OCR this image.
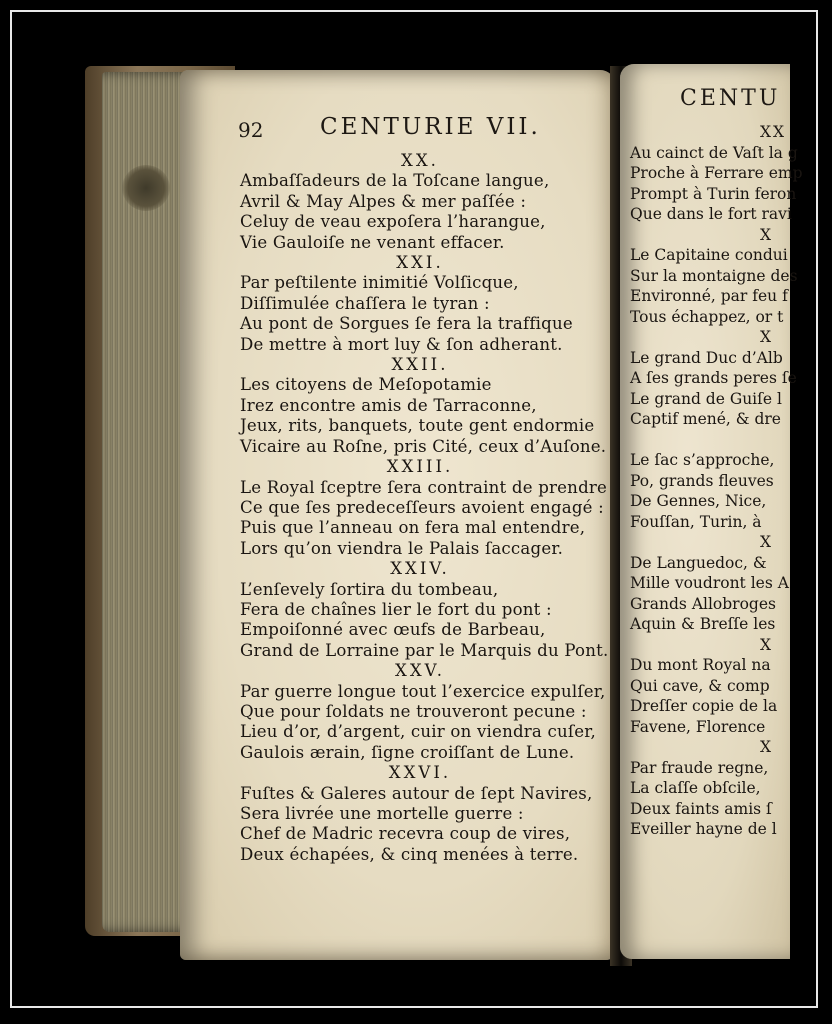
92 CENTURIE VII.
XX.
Ambaſſadeurs de la Toſcane langue,
Avril & May Alpes & mer paſſée :
Celuy de veau expoſera l’harangue,
Vie Gauloiſe ne venant effacer.
XXI.
Par peſtilente inimitié Volſicque,
Diſſimulée chaſſera le tyran :
Au pont de Sorgues ſe fera la traffique
De mettre à mort luy & ſon adherant.
XXII.
Les citoyens de Meſopotamie
Irez encontre amis de Tarraconne,
Jeux, rits, banquets, toute gent endormie
Vicaire au Roſne, pris Cité, ceux d’Auſone.
XXIII.
Le Royal ſceptre ſera contraint de prendre
Ce que ſes predeceſſeurs avoient engagé :
Puis que l’anneau on fera mal entendre,
Lors qu’on viendra le Palais ſaccager.
XXIV.
L’enſevely ſortira du tombeau,
Fera de chaînes lier le fort du pont :
Empoiſonné avec œufs de Barbeau,
Grand de Lorraine par le Marquis du Pont.
XXV.
Par guerre longue tout l’exercice expulſer,
Que pour ſoldats ne trouveront pecune :
Lieu d’or, d’argent, cuir on viendra cuſer,
Gaulois ærain, ſigne croiſſant de Lune.
XXVI.
Fuſtes & Galeres autour de ſept Navires,
Sera livrée une mortelle guerre :
Chef de Madric recevra coup de vires,
Deux échapées, & cinq menées à terre.
CENTU
XX
Au cainct de Vaſt la g
Proche à Ferrare emp
Prompt à Turin feron
Que dans le fort ravi
X
Le Capitaine condui
Sur la montaigne des
Environné, par feu f
Tous échappez, or t
X
Le grand Duc d’Alb
A ſes grands peres ſe
Le grand de Guiſe l
Captif mené, & dre

Le ſac s’approche,
Po, grands fleuves
De Gennes, Nice,
Fouſſan, Turin, à
X
De Languedoc, &
Mille voudront les A
Grands Allobroges
Aquin & Breſſe les
X
Du mont Royal na
Qui cave, & comp
Dreſſer copie de la
Favene, Florence
X
Par fraude regne,
La claſſe obſcile,
Deux faints amis ſ
Eveiller hayne de l
